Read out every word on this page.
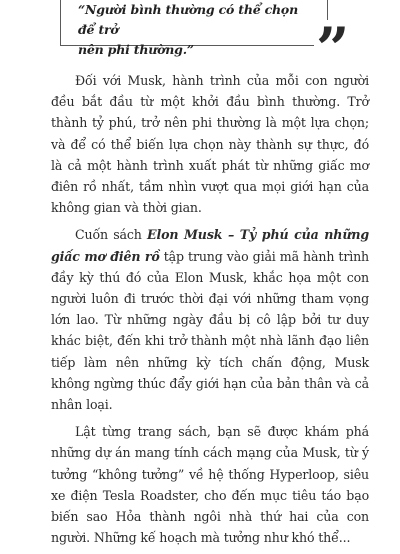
“Người bình thường có thể chọn để trở
nên phi thường.”	”

Đối với Musk, hành trình của mỗi con người đều bắt đầu từ một khởi đầu bình thường. Trở thành tỷ phú, trở nên phi thường là một lựa chọn; và để có thể biến lựa chọn này thành sự thực, đó là cả một hành trình xuất phát từ những giấc mơ điên rồ nhất, tầm nhìn vượt qua mọi giới hạn của không gian và thời gian.

Cuốn sách Elon Musk – Tỷ phú của những giấc mơ điên rồ tập trung vào giải mã hành trình đầy kỳ thú đó của Elon Musk, khắc họa một con người luôn đi trước thời đại với những tham vọng lớn lao. Từ những ngày đầu bị cô lập bởi tư duy khác biệt, đến khi trở thành một nhà lãnh đạo liên tiếp làm nên những kỳ tích chấn động, Musk không ngừng thúc đẩy giới hạn của bản thân và cả nhân loại.

Lật từng trang sách, bạn sẽ được khám phá những dự án mang tính cách mạng của Musk, từ ý tưởng “không tưởng” về hệ thống Hyperloop, siêu xe điện Tesla Roadster, cho đến mục tiêu táo bạo biến sao Hỏa thành ngôi nhà thứ hai của con người. Những kế hoạch mà tưởng như khó thể...
